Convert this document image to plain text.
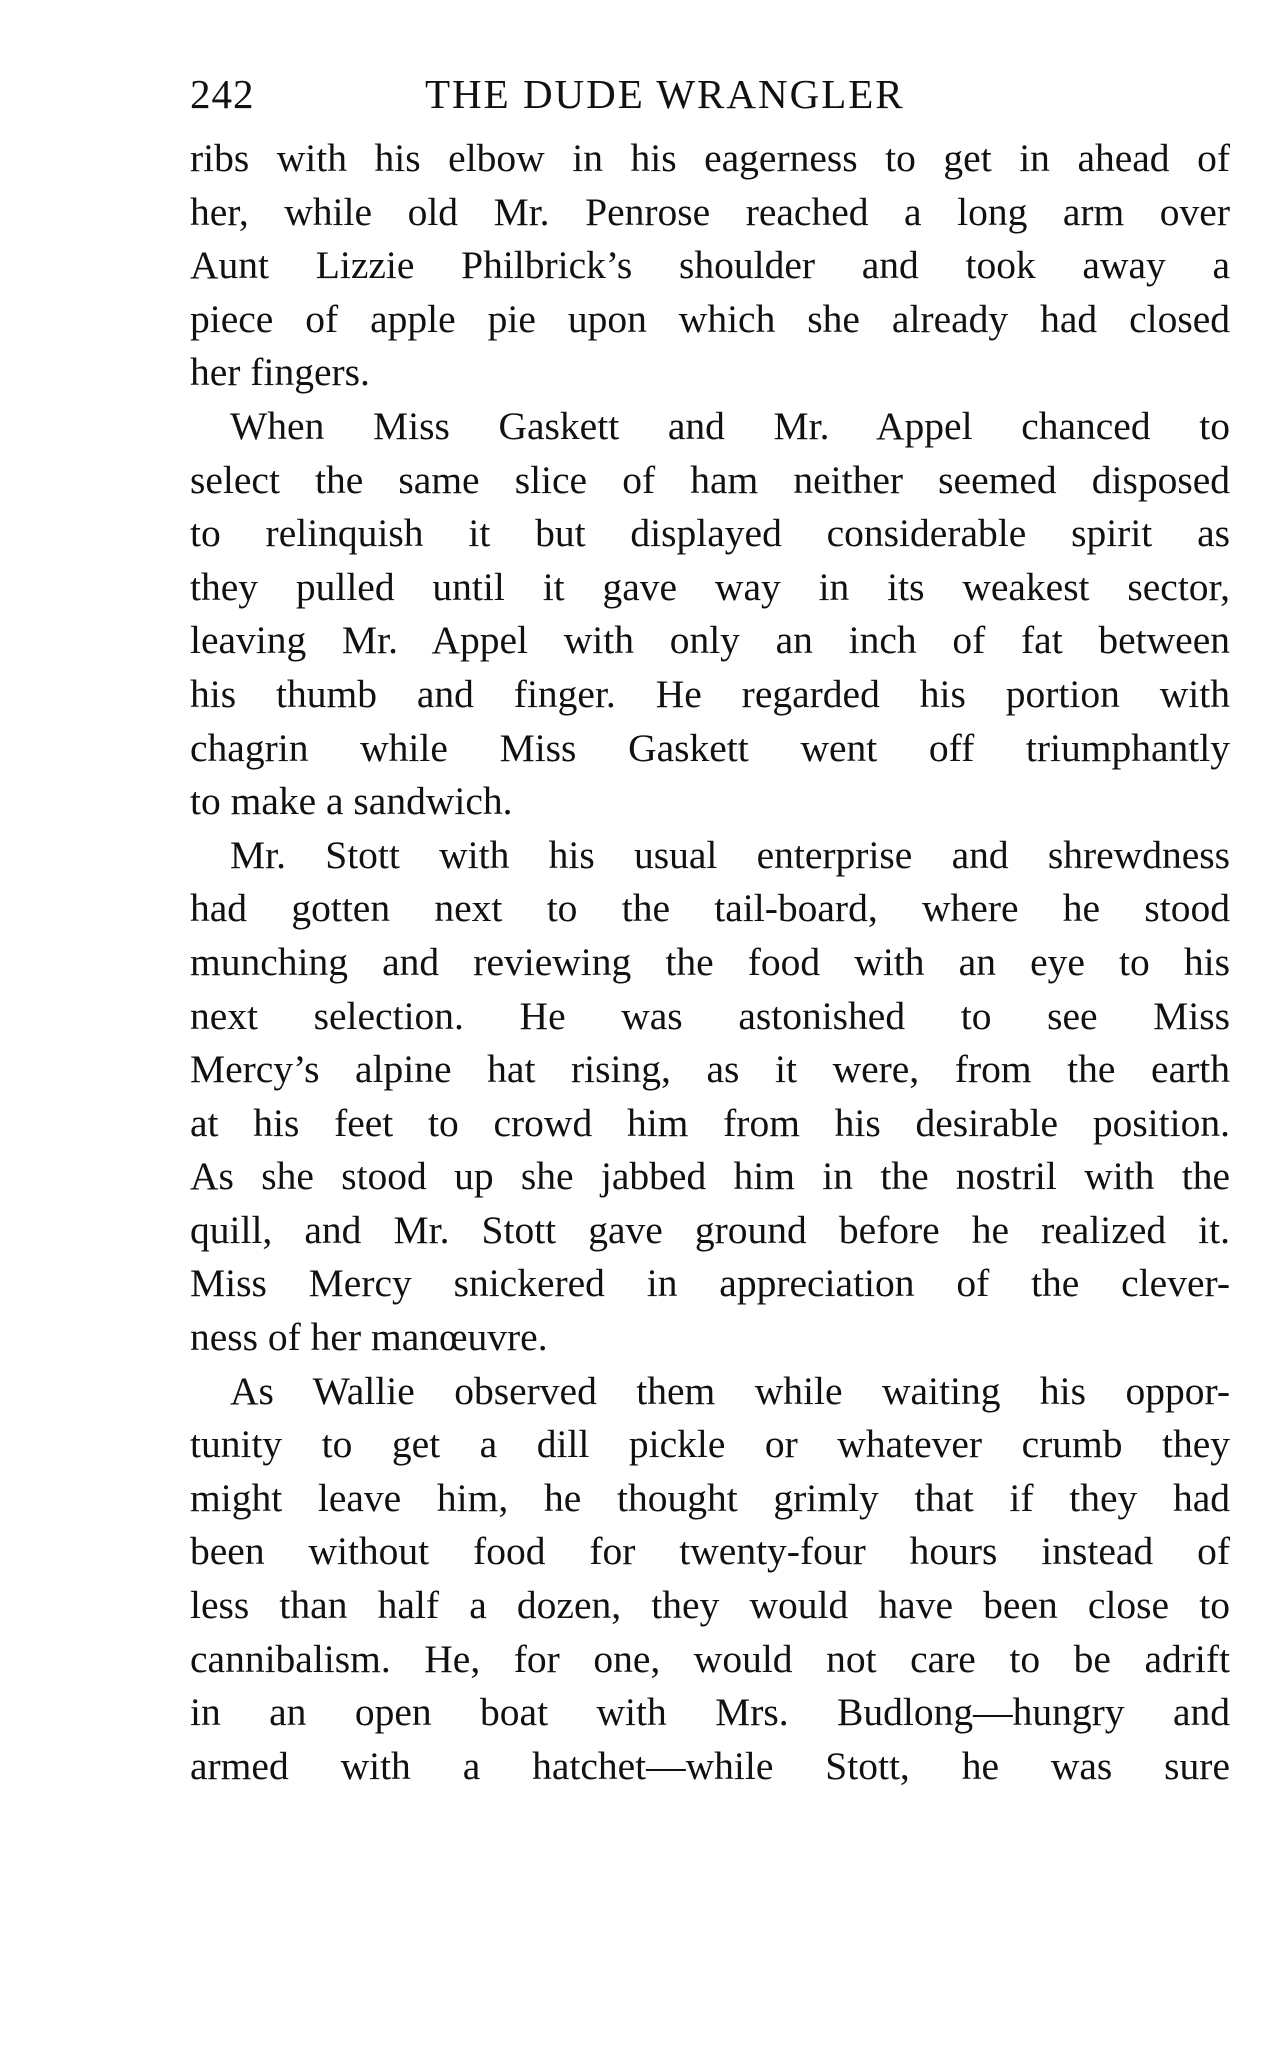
242	THE DUDE WRANGLER
ribs with his elbow in his eagerness to get in ahead of
her, while old Mr. Penrose reached a long arm over
Aunt Lizzie Philbrick’s shoulder and took away a
piece of apple pie upon which she already had closed
her fingers.
When Miss Gaskett and Mr. Appel chanced to
select the same slice of ham neither seemed disposed
to relinquish it but displayed considerable spirit as
they pulled until it gave way in its weakest sector,
leaving Mr. Appel with only an inch of fat between
his thumb and finger. He regarded his portion with
chagrin while Miss Gaskett went off triumphantly
to make a sandwich.
Mr. Stott with his usual enterprise and shrewdness
had gotten next to the tail-board, where he stood
munching and reviewing the food with an eye to his
next selection. He was astonished to see Miss
Mercy’s alpine hat rising, as it were, from the earth
at his feet to crowd him from his desirable position.
As she stood up she jabbed him in the nostril with the
quill, and Mr. Stott gave ground before he realized it.
Miss Mercy snickered in appreciation of the clever-
ness of her manœuvre.
As Wallie observed them while waiting his oppor-
tunity to get a dill pickle or whatever crumb they
might leave him, he thought grimly that if they had
been without food for twenty-four hours instead of
less than half a dozen, they would have been close to
cannibalism. He, for one, would not care to be adrift
in an open boat with Mrs. Budlong—hungry and
armed with a hatchet—while Stott, he was sure
